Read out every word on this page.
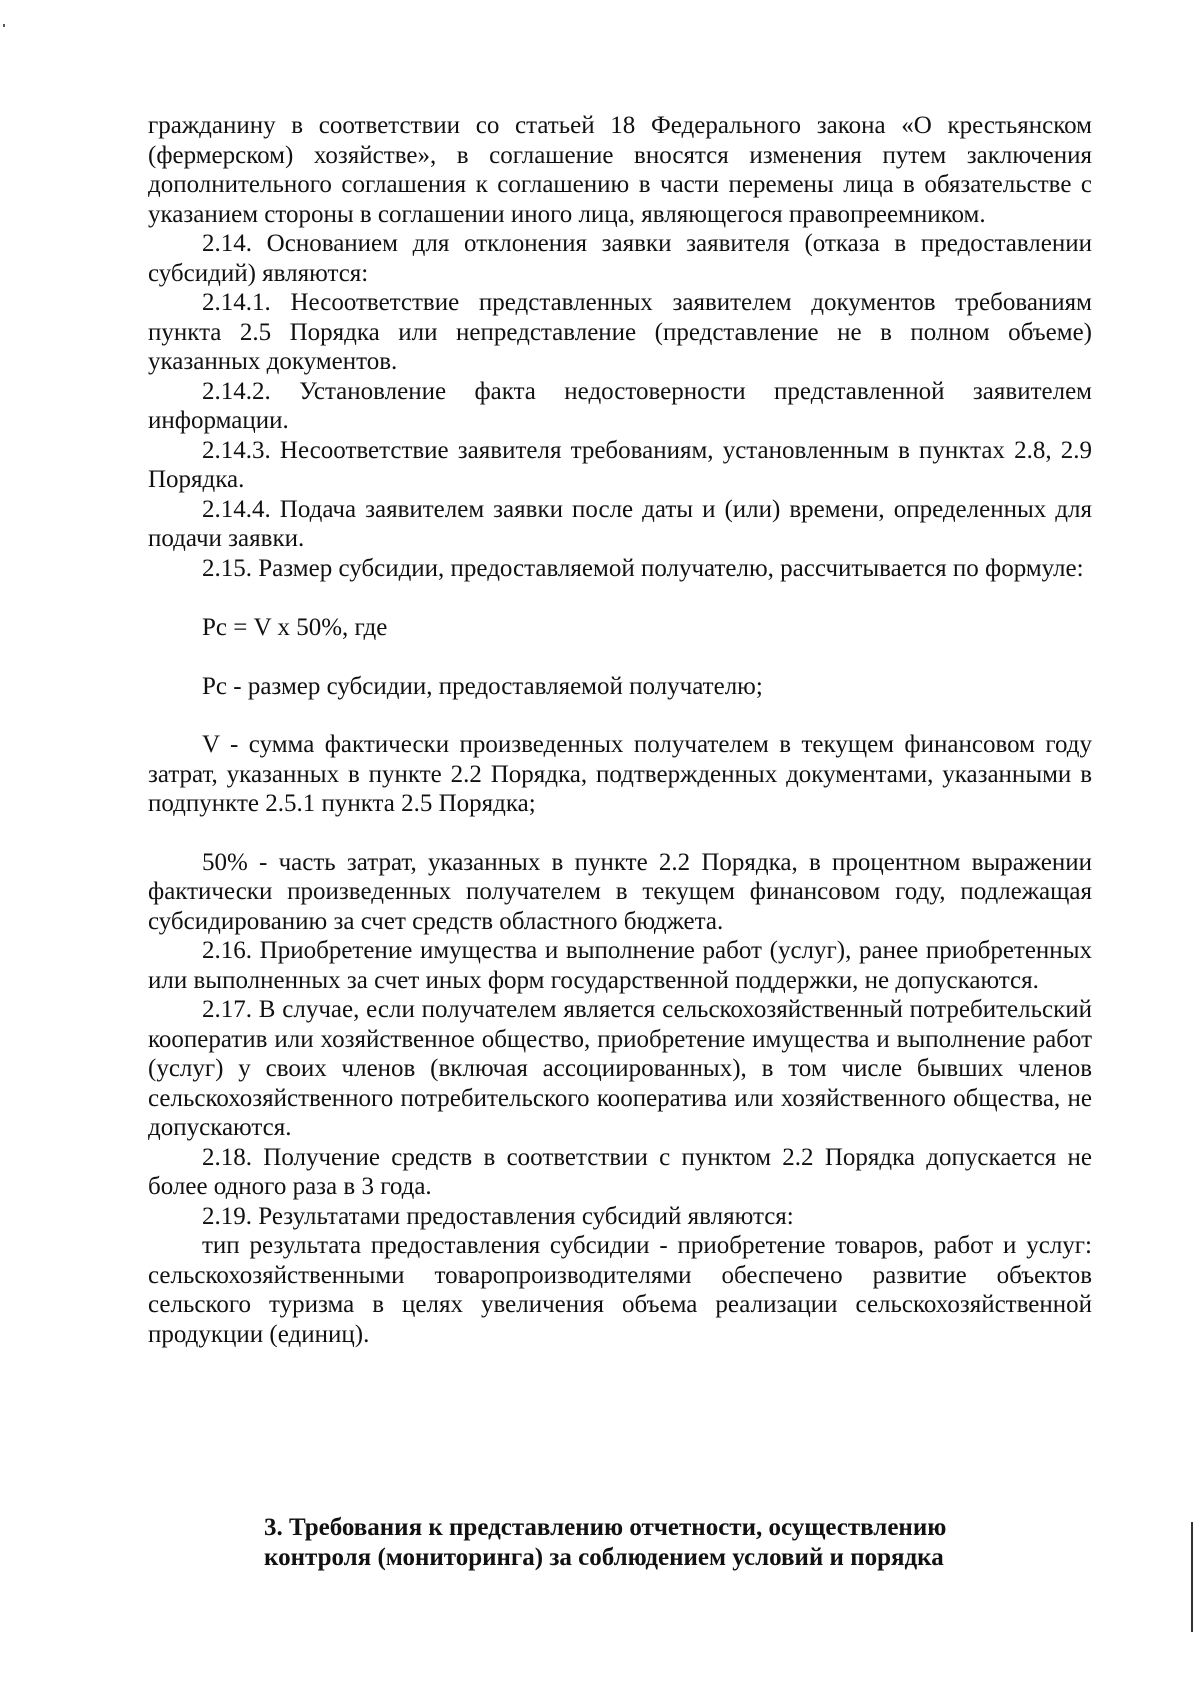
гражданину в соответствии со статьей 18 Федерального закона «О крестьянском (фермерском) хозяйстве», в соглашение вносятся изменения путем заключения дополнительного соглашения к соглашению в части перемены лица в обязательстве с указанием стороны в соглашении иного лица, являющегося правопреемником.

2.14. Основанием для отклонения заявки заявителя (отказа в предоставлении субсидий) являются:

2.14.1. Несоответствие представленных заявителем документов требованиям пункта 2.5 Порядка или непредставление (представление не в полном объеме) указанных документов.

2.14.2. Установление факта недостоверности представленной заявителем информации.

2.14.3. Несоответствие заявителя требованиям, установленным в пунктах 2.8, 2.9 Порядка.

2.14.4. Подача заявителем заявки после даты и (или) времени, определенных для подачи заявки.

2.15. Размер субсидии, предоставляемой получателю, рассчитывается по формуле:

Рс = V х 50%, где

Рс - размер субсидии, предоставляемой получателю;

V - сумма фактически произведенных получателем в текущем финансовом году затрат, указанных в пункте 2.2 Порядка, подтвержденных документами, указанными в подпункте 2.5.1 пункта 2.5 Порядка;

50% - часть затрат, указанных в пункте 2.2 Порядка, в процентном выражении фактически произведенных получателем в текущем финансовом году, подлежащая субсидированию за счет средств областного бюджета.

2.16. Приобретение имущества и выполнение работ (услуг), ранее приобретенных или выполненных за счет иных форм государственной поддержки, не допускаются.

2.17. В случае, если получателем является сельскохозяйственный потребительский кооператив или хозяйственное общество, приобретение имущества и выполнение работ (услуг) у своих членов (включая ассоциированных), в том числе бывших членов сельскохозяйственного потребительского кооператива или хозяйственного общества, не допускаются.

2.18. Получение средств в соответствии с пунктом 2.2 Порядка допускается не более одного раза в 3 года.

2.19. Результатами предоставления субсидий являются:

тип результата предоставления субсидии - приобретение товаров, работ и услуг: сельскохозяйственными товаропроизводителями обеспечено развитие объектов сельского туризма в целях увеличения объема реализации сельскохозяйственной продукции (единиц).

3. Требования к представлению отчетности, осуществлению
контроля (мониторинга) за соблюдением условий и порядка
